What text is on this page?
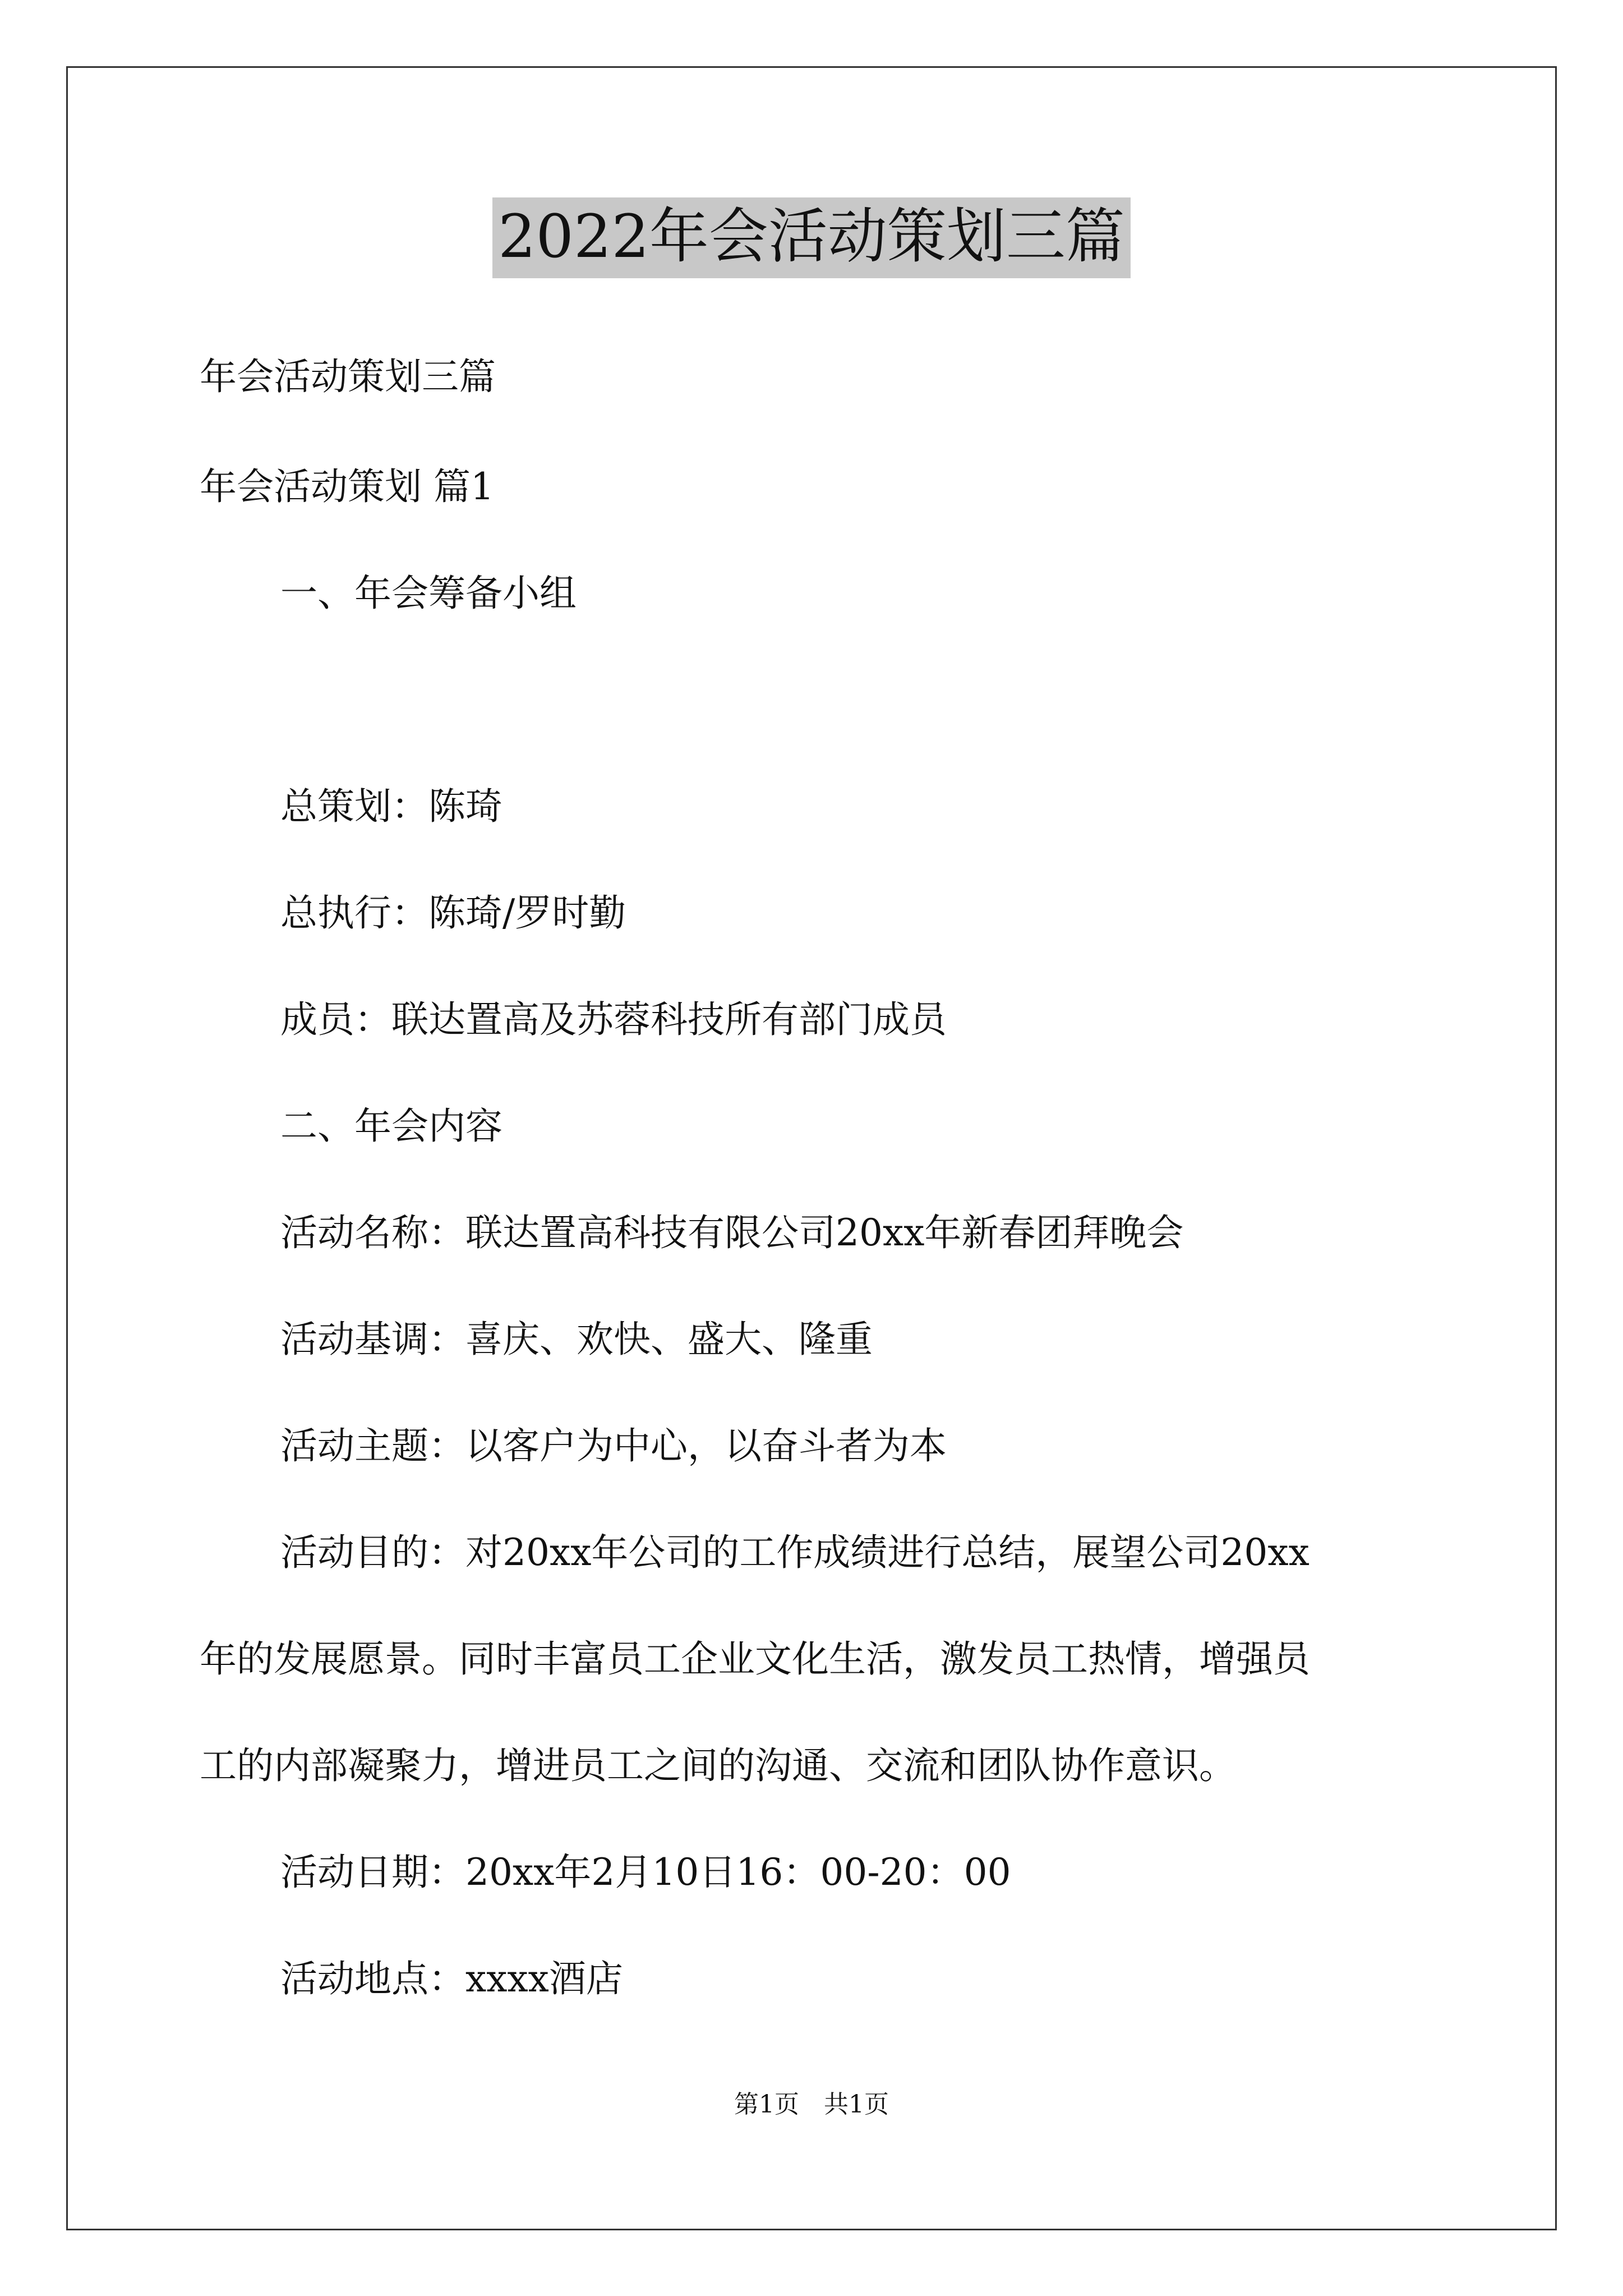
2022年会活动策划三篇
年会活动策划三篇
年会活动策划 篇1
一、年会筹备小组
总策划：陈琦
总执行：陈琦/罗时勤
成员：联达置高及苏蓉科技所有部门成员
二、年会内容
活动名称：联达置高科技有限公司20xx年新春团拜晚会
活动基调：喜庆、欢快、盛大、隆重
活动主题：以客户为中心，以奋斗者为本
活动目的：对20xx年公司的工作成绩进行总结，展望公司20xx
年的发展愿景。同时丰富员工企业文化生活，激发员工热情，增强员
工的内部凝聚力，增进员工之间的沟通、交流和团队协作意识。
活动日期：20xx年2月10日16：00-20：00
活动地点：xxxx酒店
第1页　共1页
